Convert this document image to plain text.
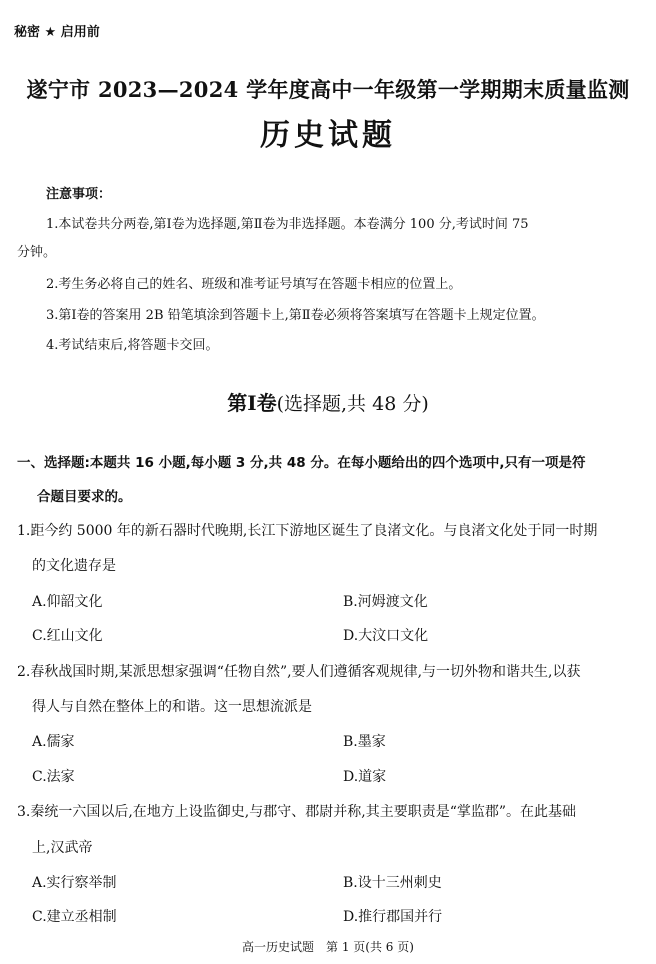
秘密 ★ 启用前
遂宁市 2023—2024 学年度高中一年级第一学期期末质量监测
历史试题
注意事项：
1.本试卷共分两卷,第Ⅰ卷为选择题,第Ⅱ卷为非选择题。本卷满分 100 分,考试时间 75
分钟。
2.考生务必将自己的姓名、班级和准考证号填写在答题卡相应的位置上。
3.第Ⅰ卷的答案用 2B 铅笔填涂到答题卡上,第Ⅱ卷必须将答案填写在答题卡上规定位置。
4.考试结束后,将答题卡交回。
第Ⅰ卷(选择题,共 48 分)
一、选择题:本题共 16 小题,每小题 3 分,共 48 分。在每小题给出的四个选项中,只有一项是符
合题目要求的。
1.距今约 5000 年的新石器时代晚期,长江下游地区诞生了良渚文化。与良渚文化处于同一时期
的文化遗存是
A.仰韶文化	B.河姆渡文化
C.红山文化	D.大汶口文化
2.春秋战国时期,某派思想家强调“任物自然”,要人们遵循客观规律,与一切外物和谐共生,以获
得人与自然在整体上的和谐。这一思想流派是
A.儒家	B.墨家
C.法家	D.道家
3.秦统一六国以后,在地方上设监御史,与郡守、郡尉并称,其主要职责是“掌监郡”。在此基础
上,汉武帝
A.实行察举制	B.设十三州刺史
C.建立丞相制	D.推行郡国并行
高一历史试题　第 1 页(共 6 页)
